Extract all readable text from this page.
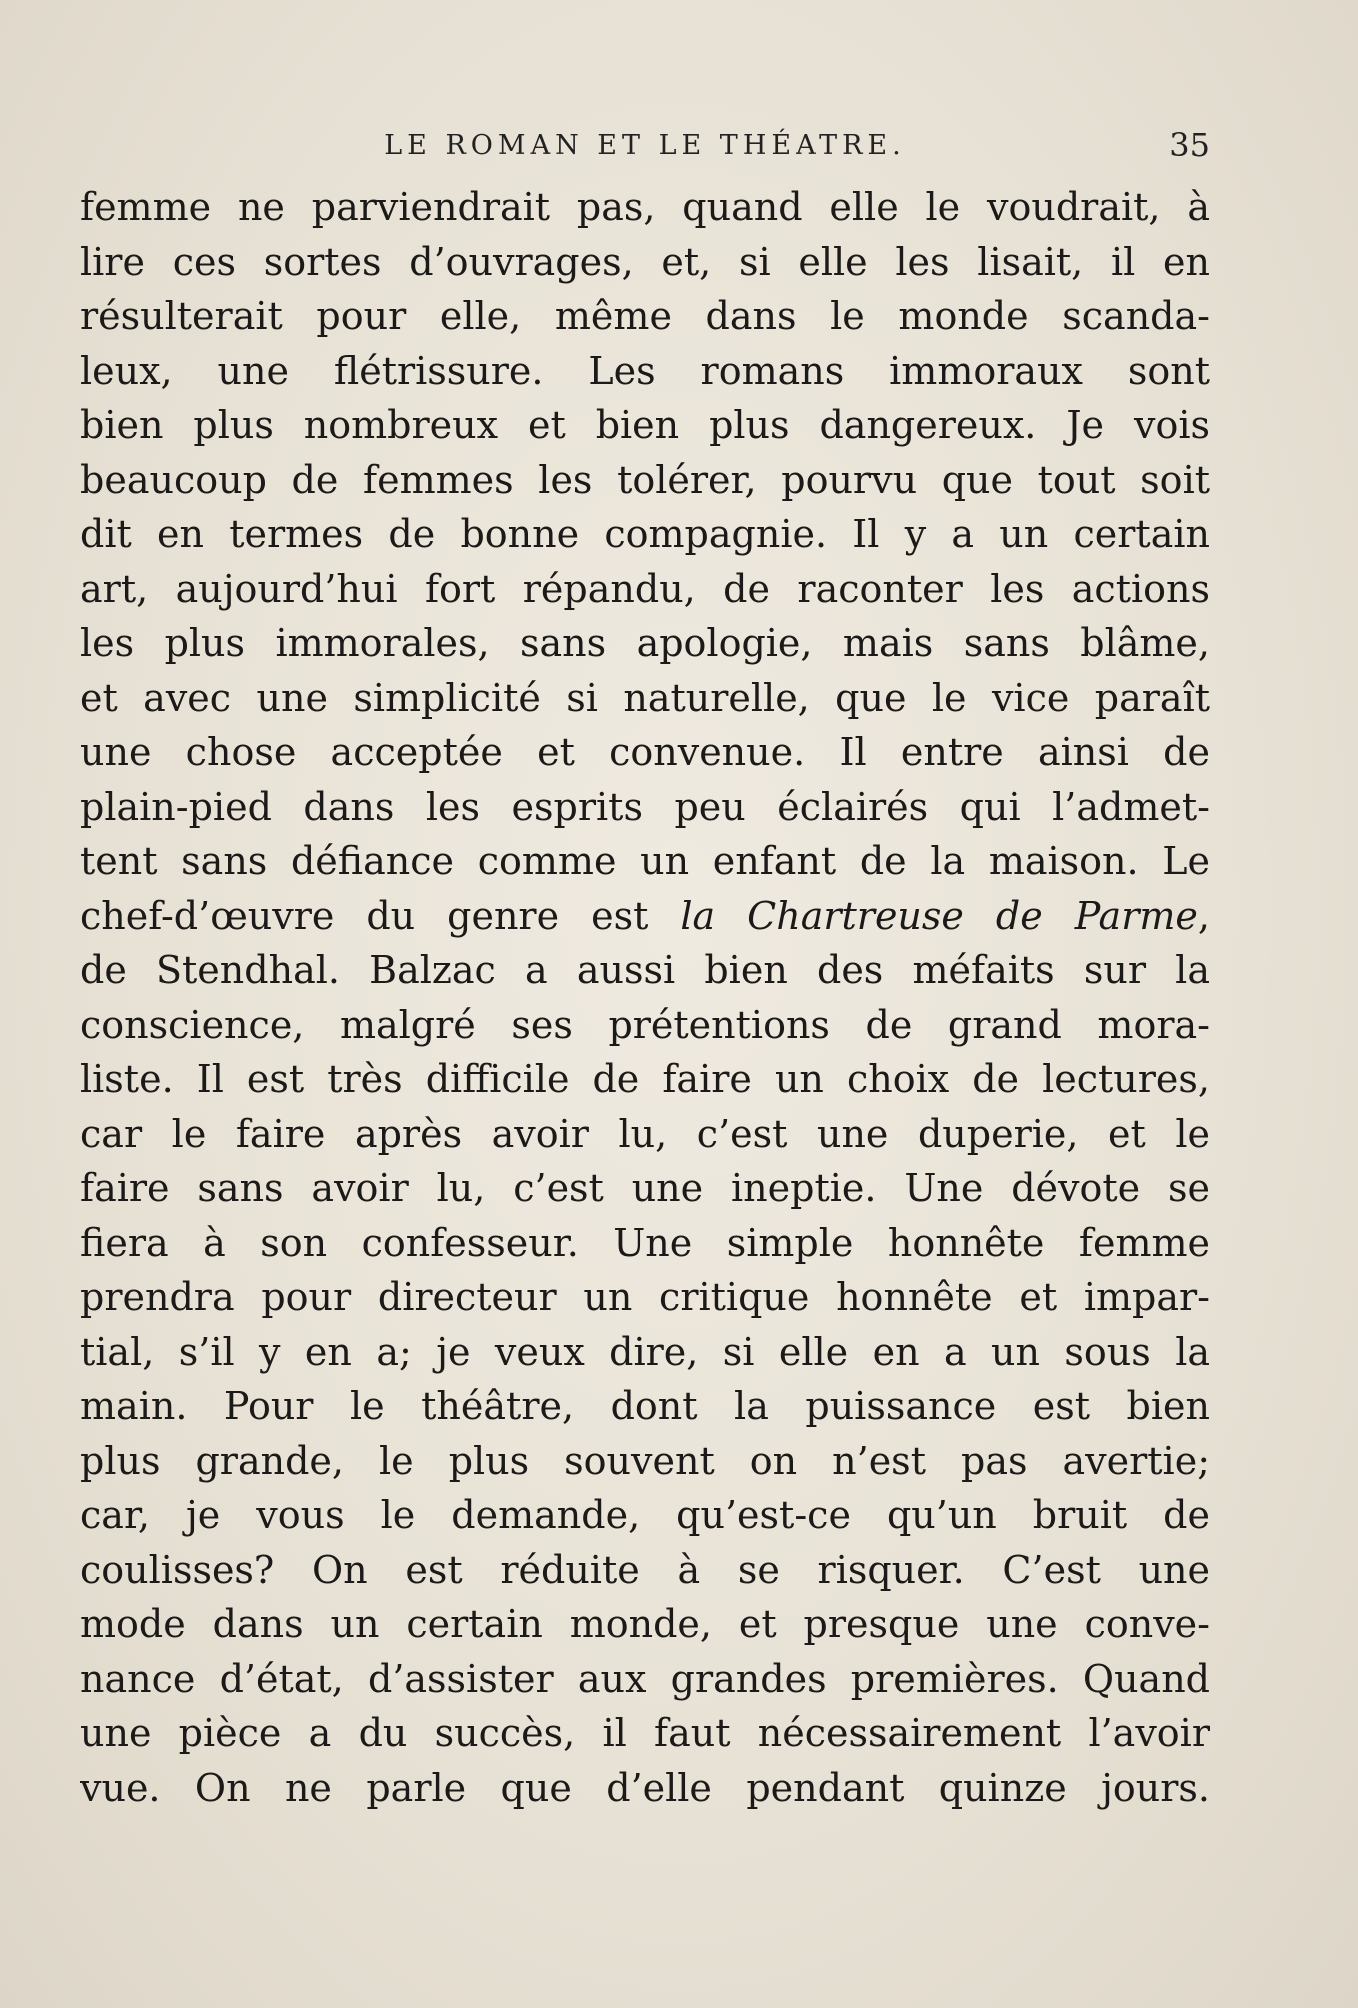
LE ROMAN ET LE THÉATRE.	35
femme ne parviendrait pas, quand elle le voudrait, à
lire ces sortes d’ouvrages, et, si elle les lisait, il en
résulterait pour elle, même dans le monde scanda-
leux, une flétrissure. Les romans immoraux sont
bien plus nombreux et bien plus dangereux. Je vois
beaucoup de femmes les tolérer, pourvu que tout soit
dit en termes de bonne compagnie. Il y a un certain
art, aujourd’hui fort répandu, de raconter les actions
les plus immorales, sans apologie, mais sans blâme,
et avec une simplicité si naturelle, que le vice paraît
une chose acceptée et convenue. Il entre ainsi de
plain-pied dans les esprits peu éclairés qui l’admet-
tent sans défiance comme un enfant de la maison. Le
chef-d’œuvre du genre est la Chartreuse de Parme,
de Stendhal. Balzac a aussi bien des méfaits sur la
conscience, malgré ses prétentions de grand mora-
liste. Il est très difficile de faire un choix de lectures,
car le faire après avoir lu, c’est une duperie, et le
faire sans avoir lu, c’est une ineptie. Une dévote se
fiera à son confesseur. Une simple honnête femme
prendra pour directeur un critique honnête et impar-
tial, s’il y en a; je veux dire, si elle en a un sous la
main. Pour le théâtre, dont la puissance est bien
plus grande, le plus souvent on n’est pas avertie;
car, je vous le demande, qu’est-ce qu’un bruit de
coulisses? On est réduite à se risquer. C’est une
mode dans un certain monde, et presque une conve-
nance d’état, d’assister aux grandes premières. Quand
une pièce a du succès, il faut nécessairement l’avoir
vue. On ne parle que d’elle pendant quinze jours.
